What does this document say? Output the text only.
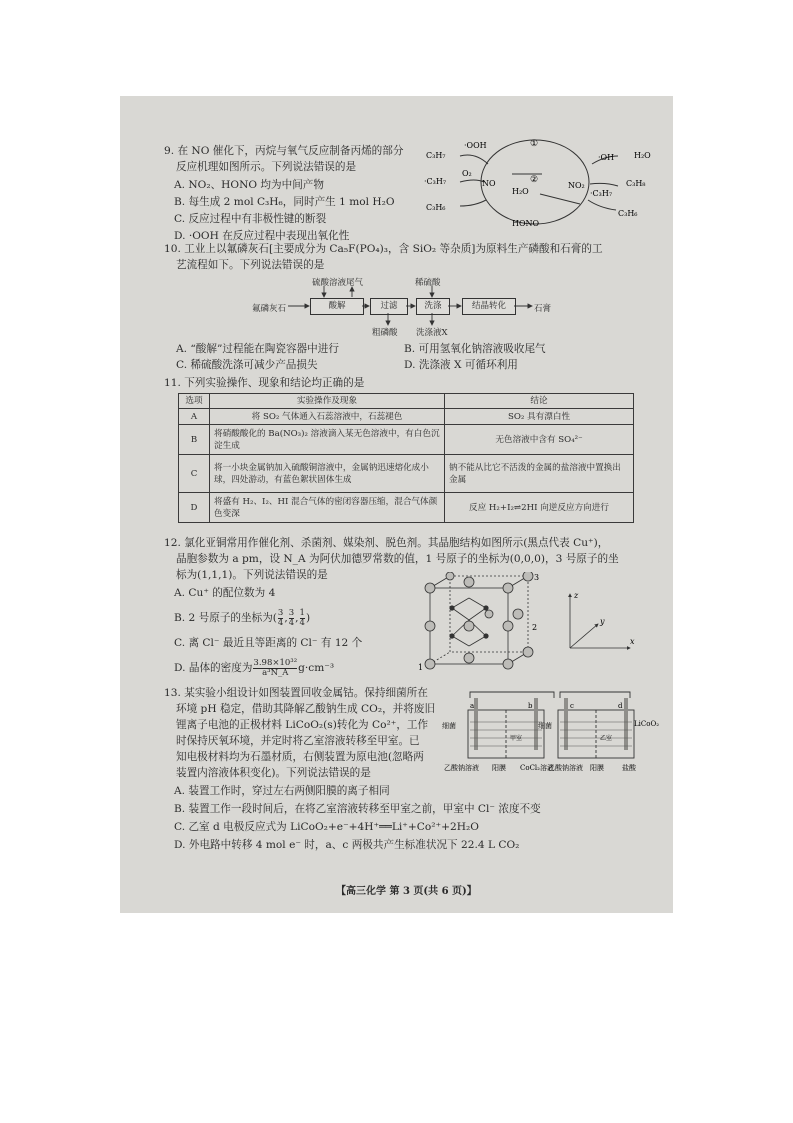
9. 在 NO 催化下，丙烷与氧气反应制备丙烯的部分
反应机理如图所示。下列说法错误的是
A. NO₂、HONO 均为中间产物
B. 每生成 2 mol C₃H₆，同时产生 1 mol H₂O
C. 反应过程中有非极性键的断裂
D. ·OOH 在反应过程中表现出氧化性
C₃H₇
·OOH
·C₃H₇
O₂
C₃H₆
①
②
NO
H₂O
NO₂
HONO
·OH H₂O
C₃H₈
·C₃H₇
C₃H₆
10. 工业上以氟磷灰石[主要成分为 Ca₅F(PO₄)₃，含 SiO₂ 等杂质]为原料生产磷酸和石膏的工
艺流程如下。下列说法错误的是
氟磷灰石
硫酸溶液 尾气
酸解	过滤
粗磷酸
稀硫酸
洗涤
洗涤液X
结晶转化	石膏
A. “酸解”过程能在陶瓷容器中进行	B. 可用氢氧化钠溶液吸收尾气
C. 稀硫酸洗涤可减少产品损失	D. 洗涤液 X 可循环利用
11. 下列实验操作、现象和结论均正确的是
选项	实验操作及现象	结论
A	将 SO₂ 气体通入石蕊溶液中，石蕊褪色	SO₂ 具有漂白性
B	将硝酸酸化的 Ba(NO₃)₂ 溶液滴入某无色溶液中，有白色沉淀生成	无色溶液中含有 SO₄²⁻
C	将一小块金属钠加入硫酸铜溶液中，金属钠迅速熔化成小球，四处游动，有蓝色絮状固体生成	钠不能从比它不活泼的金属的盐溶液中置换出金属
D	将盛有 H₂、I₂、HI 混合气体的密闭容器压缩，混合气体颜色变深	反应 H₂+I₂⇌2HI 向逆反应方向进行
12. 氯化亚铜常用作催化剂、杀菌剂、媒染剂、脱色剂。其晶胞结构如图所示(黑点代表 Cu⁺)，
晶胞参数为 a pm，设 N_A 为阿伏加德罗常数的值，1 号原子的坐标为(0,0,0)，3 号原子的坐
标为(1,1,1)。下列说法错误的是
A. Cu⁺ 的配位数为 4
B. 2 号原子的坐标为( $\frac{3}{4}$ , $\frac{3}{4}$ , $\frac{1}{4}$ )
C. 离 Cl⁻ 最近且等距离的 Cl⁻ 有 12 个
D. 晶体的密度为 $\frac{\text{3.98×10³²}}{\text{a³N\_A}} g\cdot cm^{-3}$	1
2
3
z
y
x
13. 某实验小组设计如图装置回收金属钴。保持细菌所在
环境 pH 稳定，借助其降解乙酸钠生成 CO₂，并将废旧
锂离子电池的正极材料 LiCoO₂(s)转化为 Co²⁺，工作
时保持厌氧环境，并定时将乙室溶液转移至甲室。已
知电极材料均为石墨材质，右侧装置为原电池(忽略两
装置内溶液体积变化)。下列说法错误的是
A. 装置工作时，穿过左右两侧阳膜的离子相同
B. 装置工作一段时间后，在将乙室溶液转移至甲室之前，甲室中 Cl⁻ 浓度不变
C. 乙室 d 电极反应式为 LiCoO₂+e⁻+4H⁺══Li⁺+Co²⁺+2H₂O
D. 外电路中转移 4 mol e⁻ 时，a、c 两极共产生标准状况下 22.4 L CO₂
a	b	c	d
细菌	细菌	LiCoO₂
甲室	乙室
乙酸钠溶液 阳膜 CoCl₂溶液
乙酸钠溶液 阳膜	盐酸
【高三化学 第 3 页(共 6 页)】
